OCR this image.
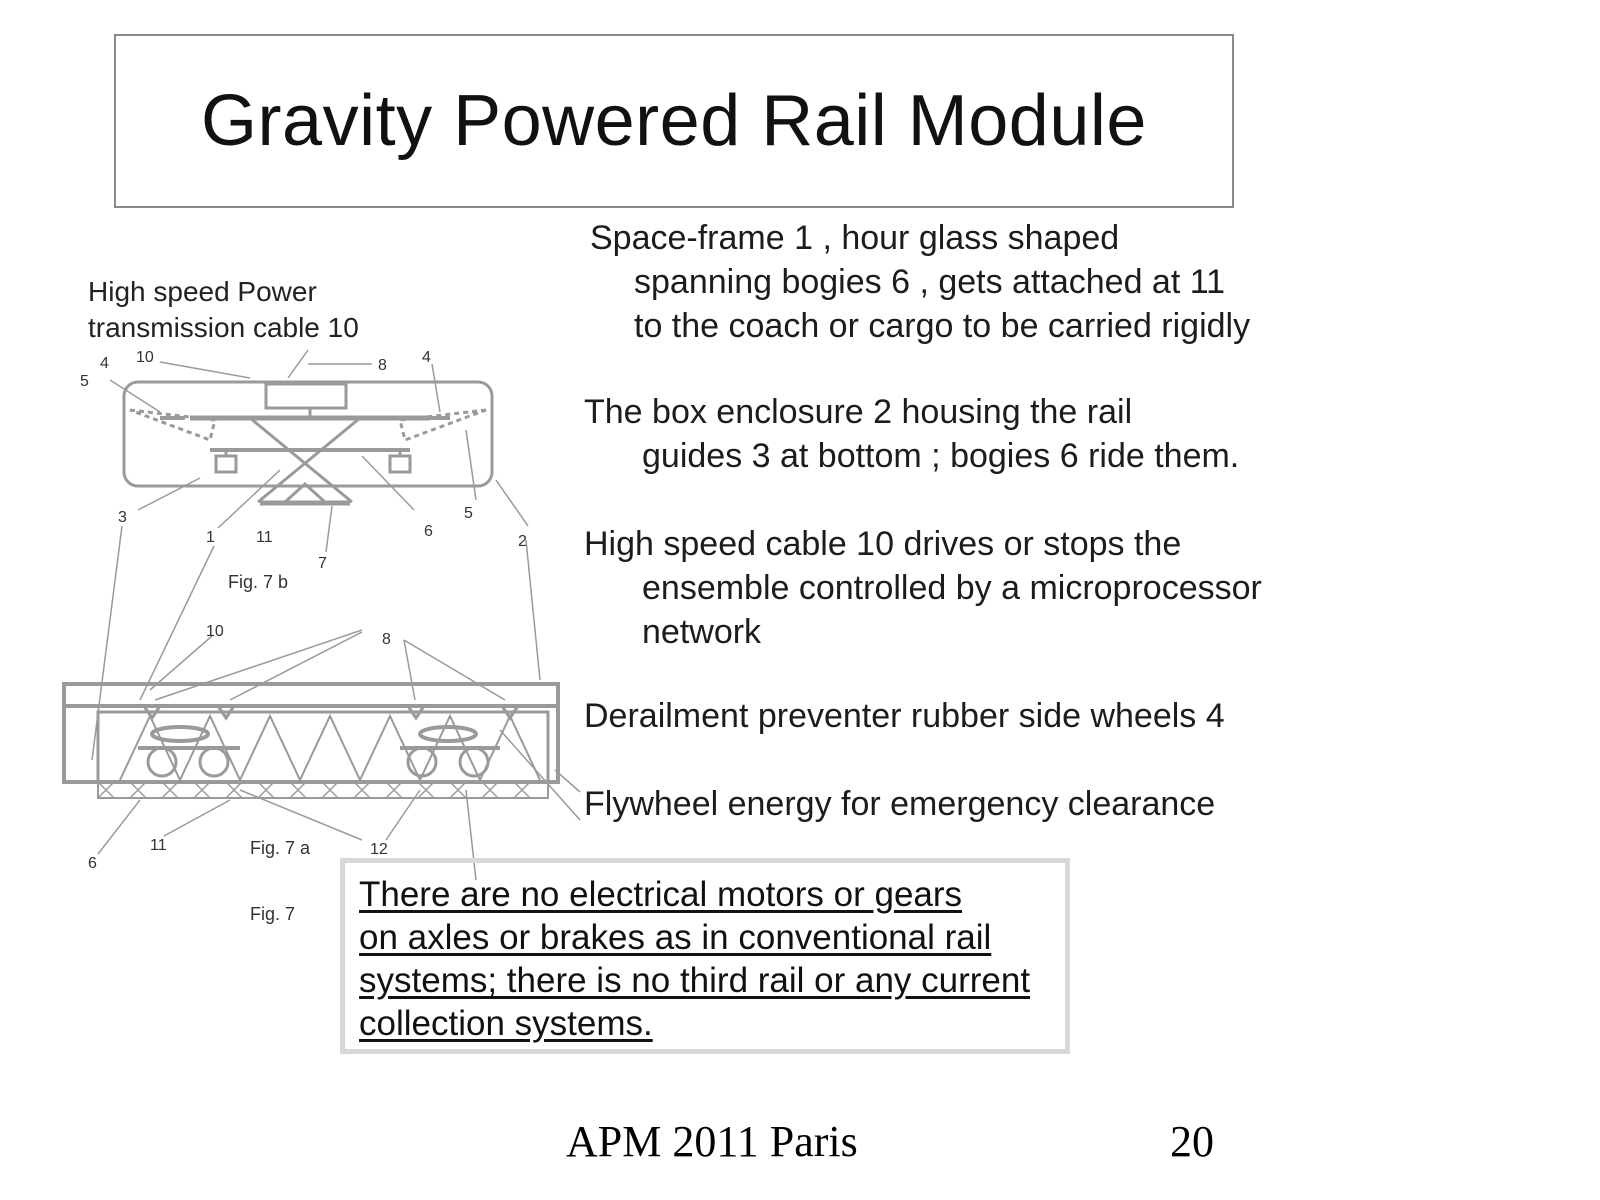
Gravity Powered Rail Module
High speed Power
transmission cable 10
4 10
5
8 4
3
1	11	6
5
2
7
10	8
6
11	12
Fig. 7 b
Fig. 7 a
Fig. 7

Space-frame 1 , hour glass shaped
spanning bogies 6 , gets attached at 11
to the coach or cargo to be carried rigidly

The box enclosure 2 housing the rail
guides 3 at bottom ; bogies 6 ride them.

High speed cable 10 drives or stops the
ensemble controlled by a microprocessor
network

Derailment preventer rubber side wheels 4

Flywheel energy for emergency clearance

There are no electrical motors or gears

on axles or brakes as in conventional rail

systems; there is no third rail or any current

collection systems.

APM 2011 Paris	20
